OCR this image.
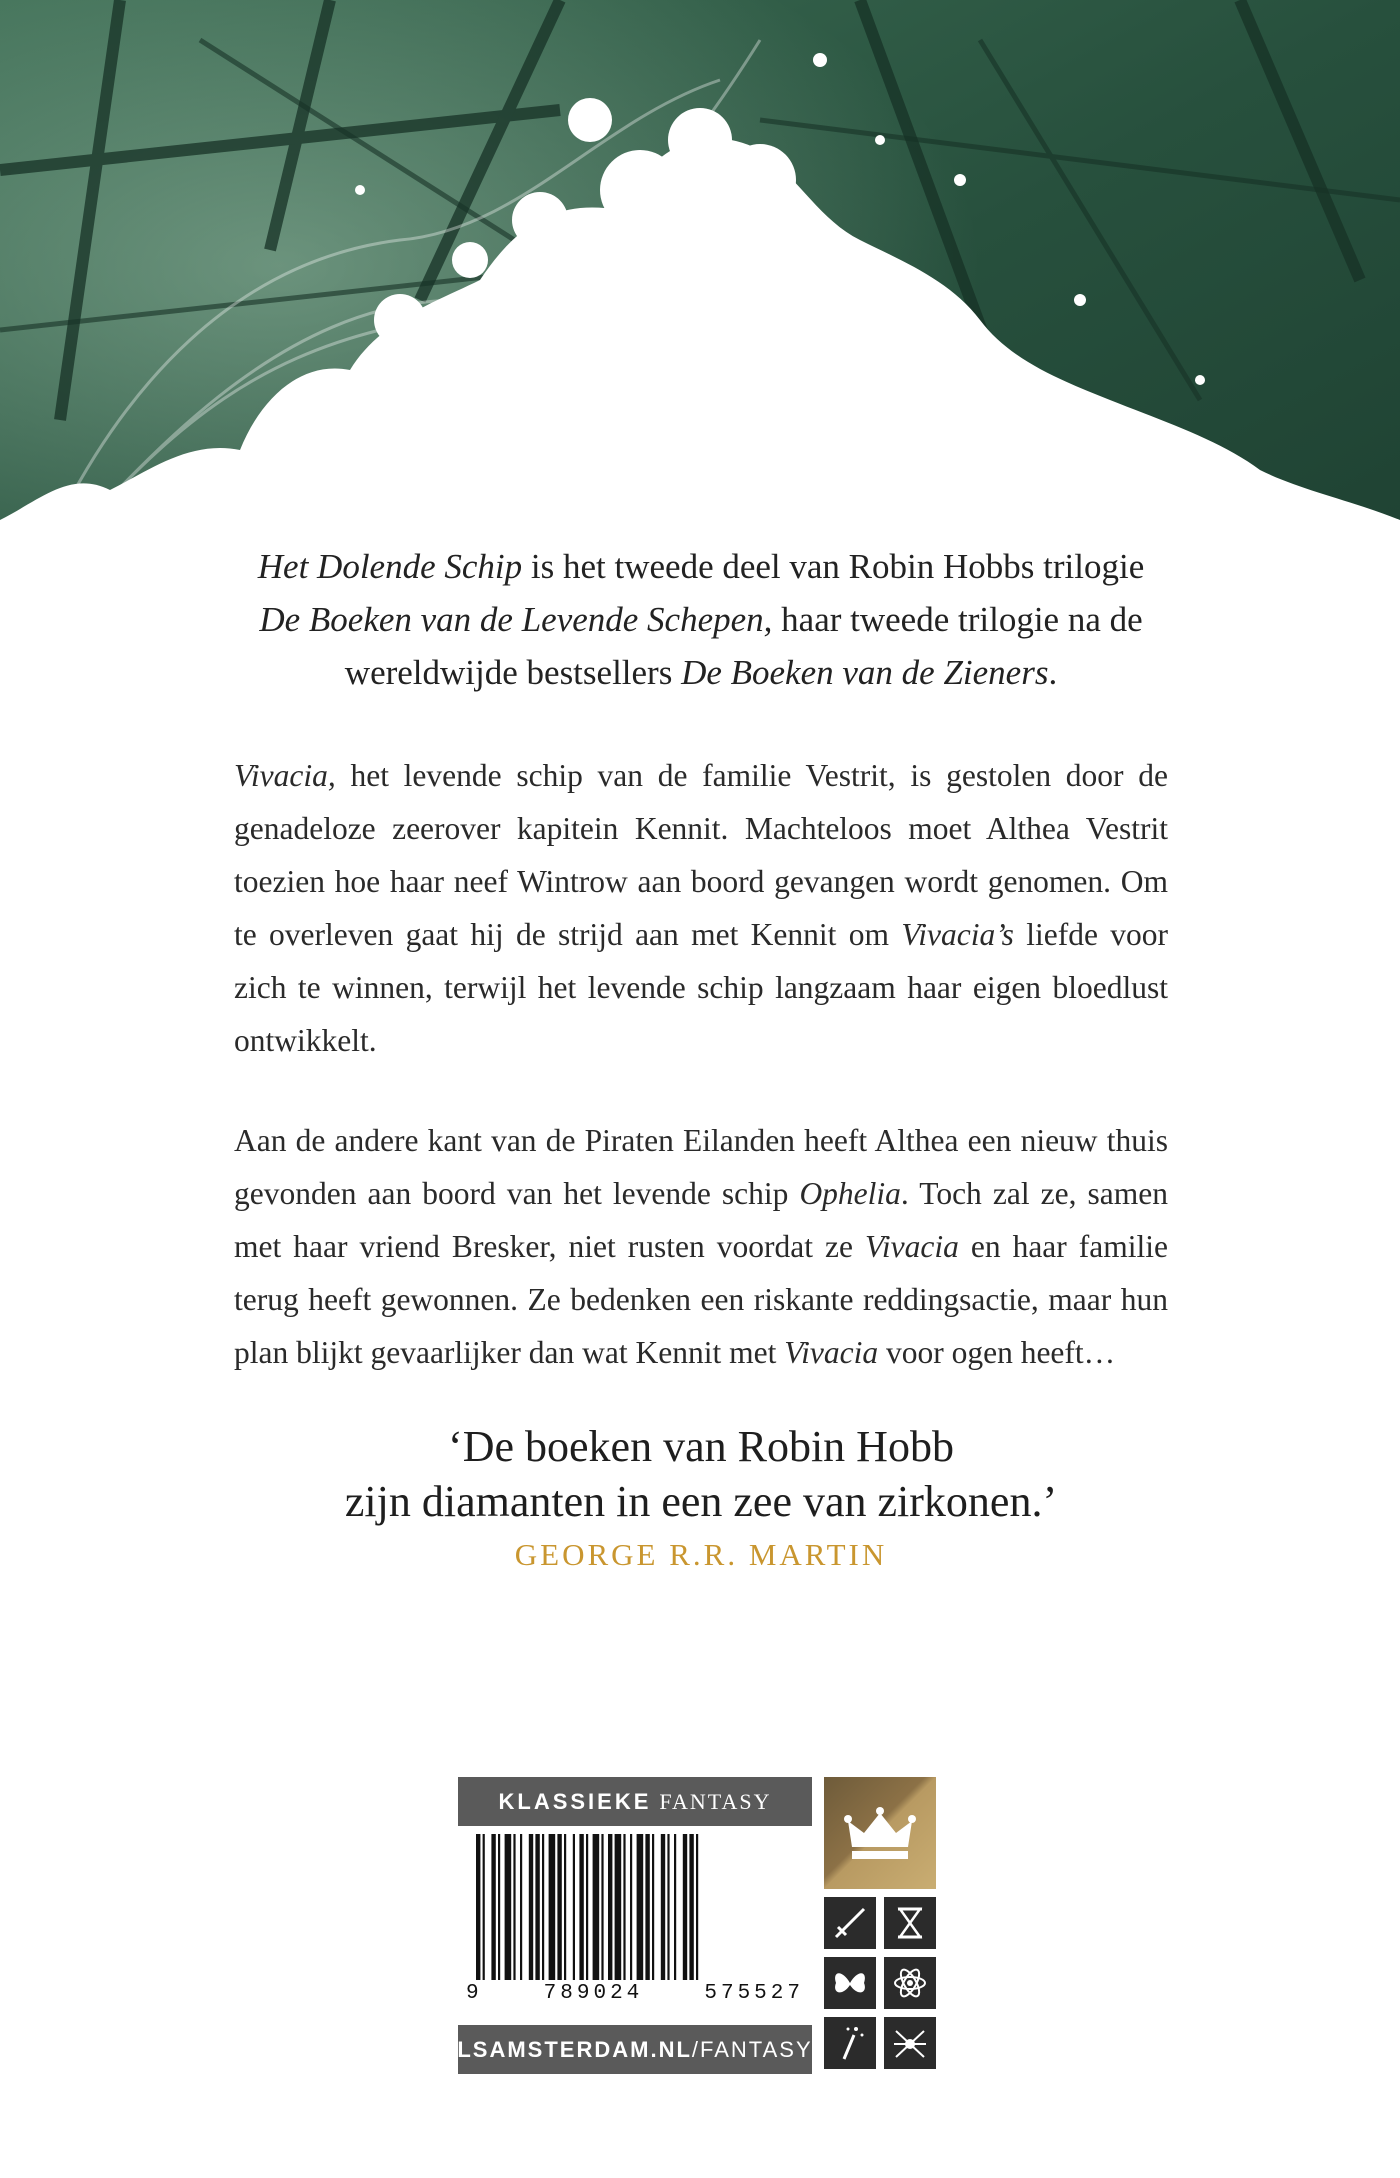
Het Dolende Schip is het tweede deel van Robin Hobbs trilogie De Boeken van de Levende Schepen, haar tweede trilogie na de wereldwijde bestsellers De Boeken van de Zieners.

Vivacia, het levende schip van de familie Vestrit, is gestolen door de genadeloze zeerover kapitein Kennit. Machteloos moet Althea Vestrit toezien hoe haar neef Wintrow aan boord gevangen wordt genomen. Om te overleven gaat hij de strijd aan met Kennit om Vivacia’s liefde voor zich te winnen, terwijl het levende schip langzaam haar eigen bloedlust ontwikkelt.

Aan de andere kant van de Piraten Eilanden heeft Althea een nieuw thuis gevonden aan boord van het levende schip Ophelia. Toch zal ze, samen met haar vriend Bresker, niet rusten voordat ze Vivacia en haar familie terug heeft gewonnen. Ze bedenken een riskante reddingsactie, maar hun plan blijkt gevaarlijker dan wat Kennit met Vivacia voor ogen heeft…

‘De boeken van Robin Hobb
zijn diamanten in een zee van zirkonen.’
GEORGE R.R. MARTIN
KLASSIEKE FANTASY
9	789024	575527
LSAMSTERDAM.NL /FANTASY
